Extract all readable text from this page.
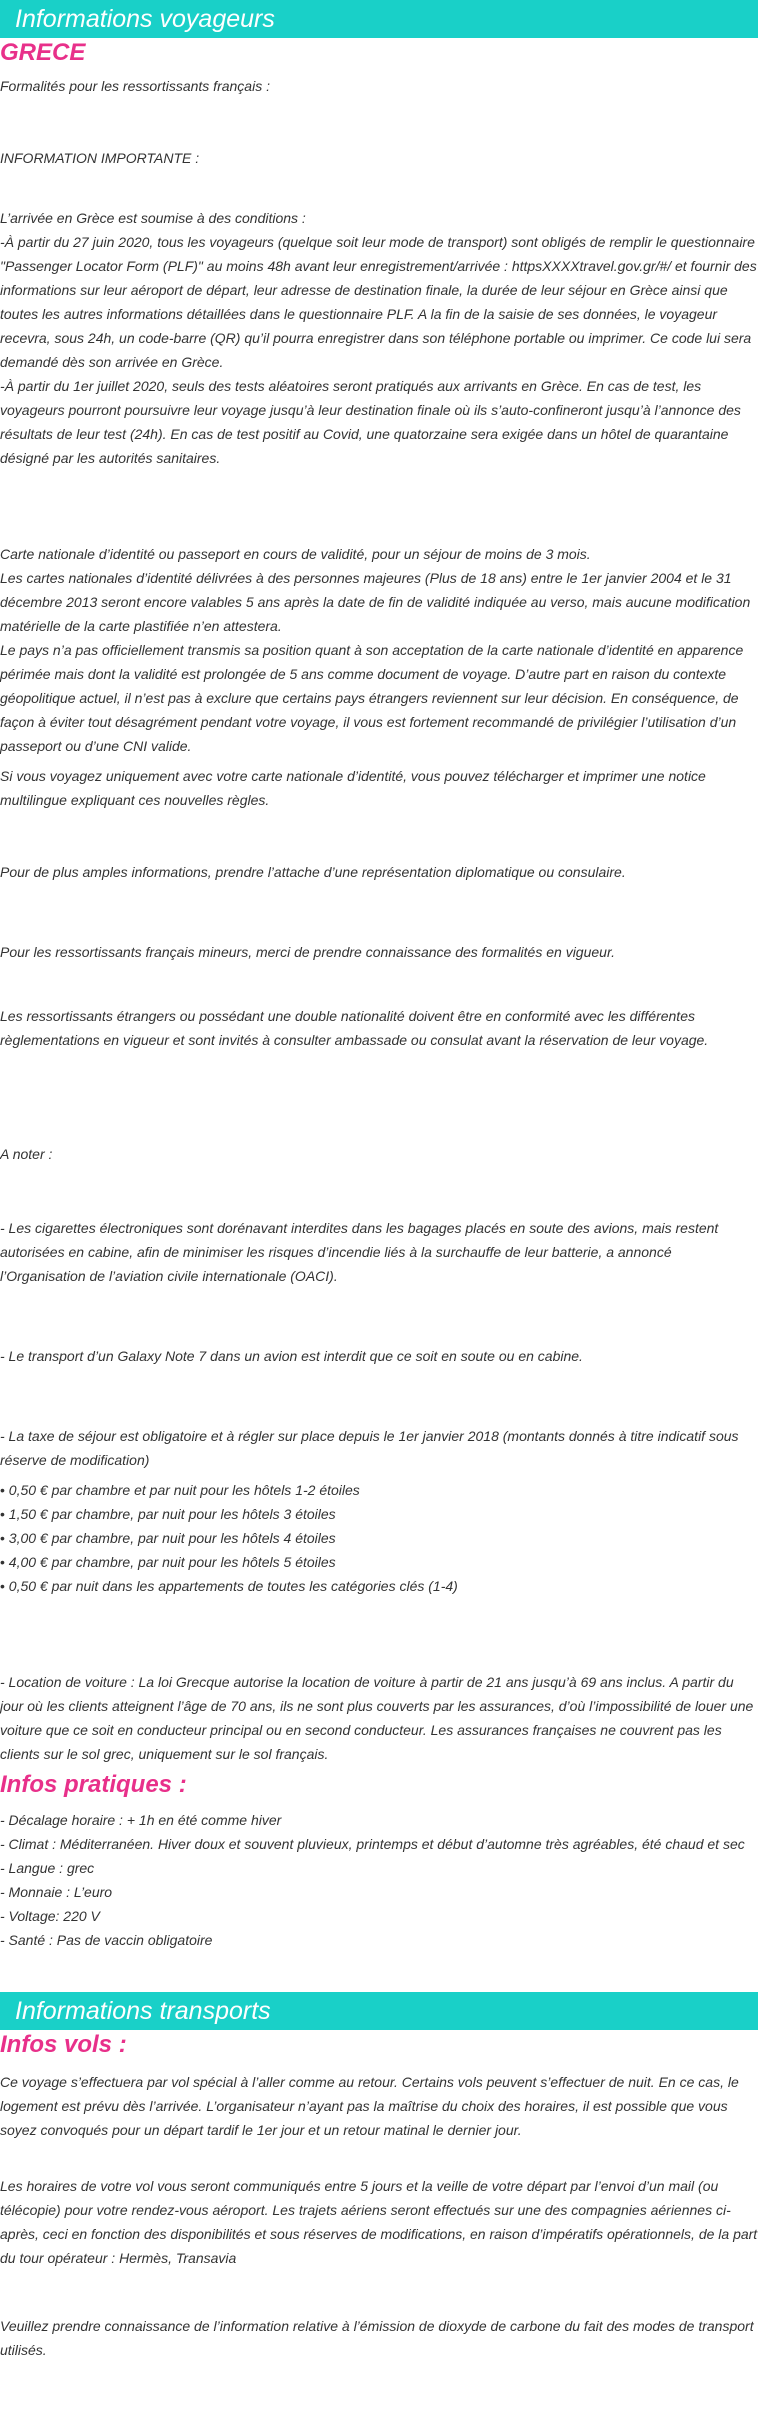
Informations voyageurs
GRECE

Formalités pour les ressortissants français :

INFORMATION IMPORTANTE :

L’arrivée en Grèce est soumise à des conditions :

-À partir du 27 juin 2020, tous les voyageurs (quelque soit leur mode de transport) sont obligés de remplir le questionnaire "Passenger Locator Form (PLF)" au moins 48h avant leur enregistrement/arrivée : httpsXXXXtravel.gov.gr/#/ et fournir des informations sur leur aéroport de départ, leur adresse de destination finale, la durée de leur séjour en Grèce ainsi que toutes les autres informations détaillées dans le questionnaire PLF. A la fin de la saisie de ses données, le voyageur recevra, sous 24h, un code-barre (QR) qu’il pourra enregistrer dans son téléphone portable ou imprimer. Ce code lui sera demandé dès son arrivée en Grèce.

-À partir du 1er juillet 2020, seuls des tests aléatoires seront pratiqués aux arrivants en Grèce. En cas de test, les voyageurs pourront poursuivre leur voyage jusqu’à leur destination finale où ils s’auto-confineront jusqu’à l’annonce des résultats de leur test (24h). En cas de test positif au Covid, une quatorzaine sera exigée dans un hôtel de quarantaine désigné par les autorités sanitaires.

Carte nationale d’identité ou passeport en cours de validité, pour un séjour de moins de 3 mois.

Les cartes nationales d’identité délivrées à des personnes majeures (Plus de 18 ans) entre le 1er janvier 2004 et le 31 décembre 2013 seront encore valables 5 ans après la date de fin de validité indiquée au verso, mais aucune modification matérielle de la carte plastifiée n’en attestera.

Le pays n’a pas officiellement transmis sa position quant à son acceptation de la carte nationale d’identité en apparence périmée mais dont la validité est prolongée de 5 ans comme document de voyage. D’autre part en raison du contexte géopolitique actuel, il n’est pas à exclure que certains pays étrangers reviennent sur leur décision. En conséquence, de façon à éviter tout désagrément pendant votre voyage, il vous est fortement recommandé de privilégier l’utilisation d’un passeport ou d’une CNI valide.

Si vous voyagez uniquement avec votre carte nationale d’identité, vous pouvez télécharger et imprimer une notice multilingue expliquant ces nouvelles règles.

Pour de plus amples informations, prendre l’attache d’une représentation diplomatique ou consulaire.

Pour les ressortissants français mineurs, merci de prendre connaissance des formalités en vigueur.

Les ressortissants étrangers ou possédant une double nationalité doivent être en conformité avec les différentes règlementations en vigueur et sont invités à consulter ambassade ou consulat avant la réservation de leur voyage.

A noter :

- Les cigarettes électroniques sont dorénavant interdites dans les bagages placés en soute des avions, mais restent autorisées en cabine, afin de minimiser les risques d’incendie liés à la surchauffe de leur batterie, a annoncé l’Organisation de l’aviation civile internationale (OACI).

- Le transport d’un Galaxy Note 7 dans un avion est interdit que ce soit en soute ou en cabine.

- La taxe de séjour est obligatoire et à régler sur place depuis le 1er janvier 2018 (montants donnés à titre indicatif sous réserve de modification)

• 0,50 € par chambre et par nuit pour les hôtels 1-2 étoiles
• 1,50 € par chambre, par nuit pour les hôtels 3 étoiles
• 3,00 € par chambre, par nuit pour les hôtels 4 étoiles
• 4,00 € par chambre, par nuit pour les hôtels 5 étoiles
• 0,50 € par nuit dans les appartements de toutes les catégories clés (1-4)

- Location de voiture : La loi Grecque autorise la location de voiture à partir de 21 ans jusqu’à 69 ans inclus. A partir du jour où les clients atteignent l’âge de 70 ans, ils ne sont plus couverts par les assurances, d’où l’impossibilité de louer une voiture que ce soit en conducteur principal ou en second conducteur. Les assurances françaises ne couvrent pas les clients sur le sol grec, uniquement sur le sol français.

Infos pratiques :

- Décalage horaire : + 1h en été comme hiver

- Climat : Méditerranéen. Hiver doux et souvent pluvieux, printemps et début d’automne très agréables, été chaud et sec

- Langue : grec

- Monnaie : L’euro

- Voltage: 220 V

- Santé : Pas de vaccin obligatoire

Informations transports
Infos vols :

Ce voyage s’effectuera par vol spécial à l’aller comme au retour. Certains vols peuvent s’effectuer de nuit. En ce cas, le logement est prévu dès l’arrivée. L’organisateur n’ayant pas la maîtrise du choix des horaires, il est possible que vous soyez convoqués pour un départ tardif le 1er jour et un retour matinal le dernier jour.

Les horaires de votre vol vous seront communiqués entre 5 jours et la veille de votre départ par l’envoi d’un mail (ou télécopie) pour votre rendez-vous aéroport. Les trajets aériens seront effectués sur une des compagnies aériennes ci-après, ceci en fonction des disponibilités et sous réserves de modifications, en raison d’impératifs opérationnels, de la part du tour opérateur : Hermès, Transavia

Veuillez prendre connaissance de l’information relative à l’émission de dioxyde de carbone du fait des modes de transport utilisés.
